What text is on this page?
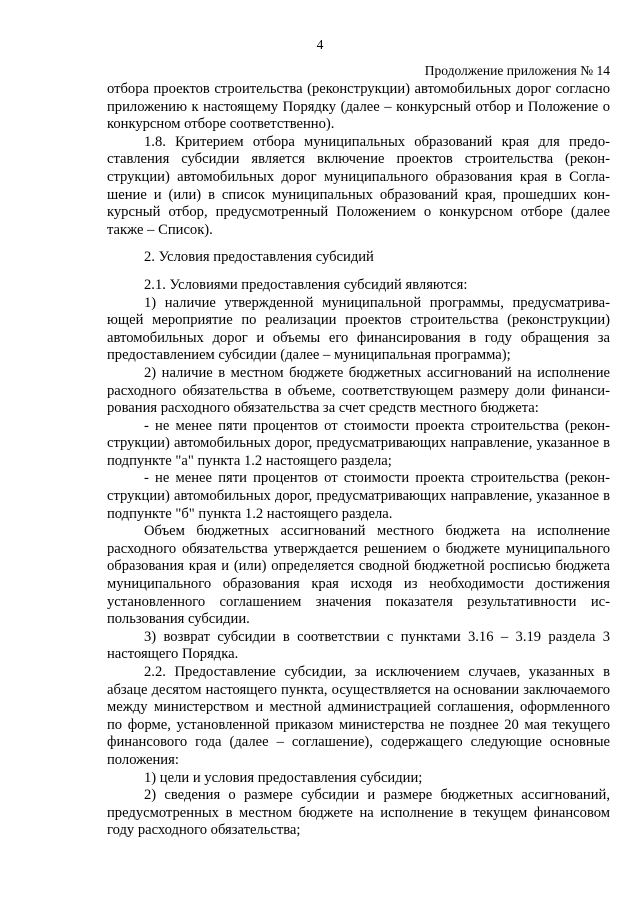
4
Продолжение приложения № 14

отбора проектов строительства (реконструкции) автомобильных дорог согласно приложению к настоящему Порядку (далее – конкурсный отбор и Положение о конкурсном отборе соответственно).

1.8. Критерием отбора муниципальных образований края для предоставления субсидии является включение проектов строительства (реконструкции) автомобильных дорог муниципального образования края в Соглашение и (или) в список муниципальных образований края, прошедших конкурсный отбор, предусмотренный Положением о конкурсном отборе (далее также – Список).

2. Условия предоставления субсидий

2.1. Условиями предоставления субсидий являются:

1) наличие утвержденной муниципальной программы, предусматривающей мероприятие по реализации проектов строительства (реконструкции) автомобильных дорог и объемы его финансирования в году обращения за предоставлением субсидии (далее – муниципальная программа);

2) наличие в местном бюджете бюджетных ассигнований на исполнение расходного обязательства в объеме, соответствующем размеру доли финансирования расходного обязательства за счет средств местного бюджета:

- не менее пяти процентов от стоимости проекта строительства (реконструкции) автомобильных дорог, предусматривающих направление, указанное в подпункте "а" пункта 1.2 настоящего раздела;

- не менее пяти процентов от стоимости проекта строительства (реконструкции) автомобильных дорог, предусматривающих направление, указанное в подпункте "б" пункта 1.2 настоящего раздела.

Объем бюджетных ассигнований местного бюджета на исполнение расходного обязательства утверждается решением о бюджете муниципального образования края и (или) определяется сводной бюджетной росписью бюджета муниципального образования края исходя из необходимости достижения установленного соглашением значения показателя результативности использования субсидии.

3) возврат субсидии в соответствии с пунктами 3.16 – 3.19 раздела 3 настоящего Порядка.

2.2. Предоставление субсидии, за исключением случаев, указанных в абзаце десятом настоящего пункта, осуществляется на основании заключаемого между министерством и местной администрацией соглашения, оформленного по форме, установленной приказом министерства не позднее 20 мая текущего финансового года (далее – соглашение), содержащего следующие основные положения:

1) цели и условия предоставления субсидии;

2) сведения о размере субсидии и размере бюджетных ассигнований, предусмотренных в местном бюджете на исполнение в текущем финансовом году расходного обязательства;
